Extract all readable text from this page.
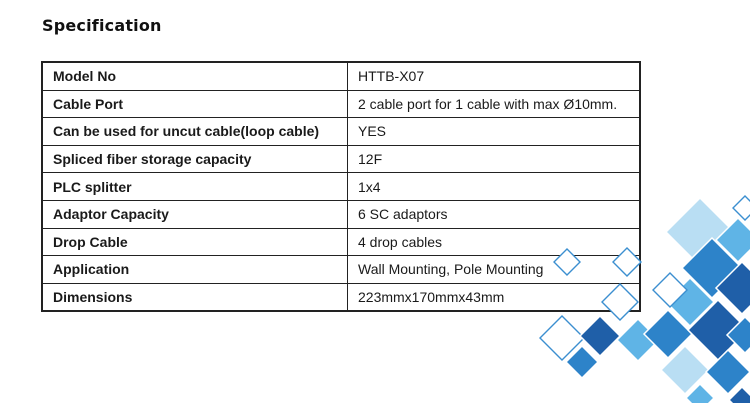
Specification
Model No	HTTB-X07
Cable Port	2 cable port for 1 cable with max Ø10mm.
Can be used for uncut cable(loop cable)	YES
Spliced fiber storage capacity	12F
PLC splitter	1x4
Adaptor Capacity	6 SC adaptors
Drop Cable	4 drop cables
Application	Wall Mounting, Pole Mounting
Dimensions	223mmx170mmx43mm
